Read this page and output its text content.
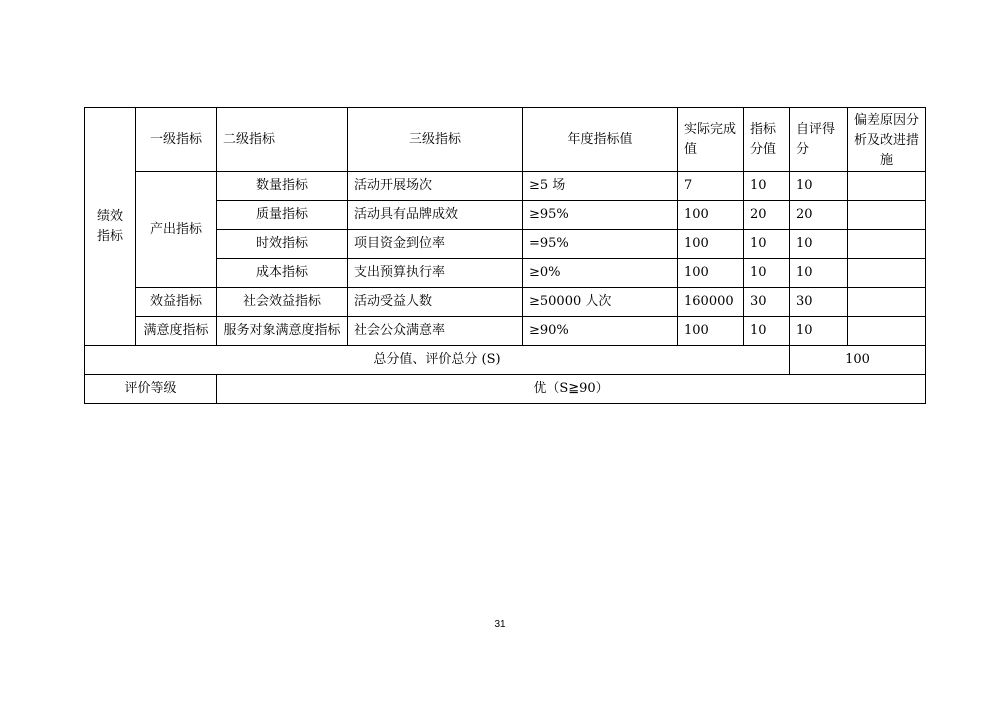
绩效指标	一级指标	二级指标	三级指标	年度指标值	实际完成值	指标分值	自评得分	偏差原因分析及改进措施
	产出指标	数量指标	活动开展场次	≥5 场	7	10	10	
		质量指标	活动具有品牌成效	≥95%	100	20	20	
		时效指标	项目资金到位率	=95%	100	10	10	
		成本指标	支出预算执行率	≥0%	100	10	10	
	效益指标	社会效益指标	活动受益人数	≥50000 人次	160000	30	30	
	满意度指标	服务对象满意度指标	社会公众满意率	≥90%	100	10	10	
总分值、评价总分 (S)							100	
评价等级		优（S≧90）						
31
